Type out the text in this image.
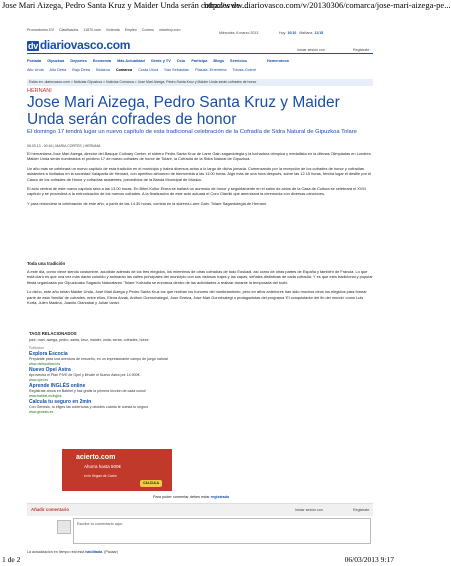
Jose Mari Aizega, Pedro Santa Kruz y Maider Unda serán cofrades de ...
http://www.diariovasco.com/v/20130306/comarca/jose-mari-aizega-pe...
Promociones DV Clasificados 11870.com Vivienda Empleo Coches miarrhoy.com
dv diariovasco.com
Miércoles, 6 marzo 2013	Hoy 10/16 Mañana 11/15
Iniciar sesión con	Registrate
Portada Gipuzkoa Deportes Economía Más Actualidad Gente y TV Ocio Participa Blogs Servicios	Hemeroteca
Alto Urola Alto Deba Bajo Deba Bidasoa Comarca Costa Urola San Sebastián Plasaia -Errenteria Tolosa-Goierri
Estás en: diariovasco.com > Noticias Gipuzkoa > Noticias Comarca > Jose Mari Aizega, Pedro Santa Kruz y Maider Unda serán cofrades de honor
HERNANI
Jose Mari Aizega, Pedro Santa Kruz y Maider Unda serán cofrades de honor
El domingo 17 tendrá lugar un nuevo capítulo de esta tradicional celebración de la Cofradía de Sidra Natural de Gipuzkoa Tolare
06.03.13 - 00:16 | MARIA CORTES | HERNANI.

El hernaniarra Jose Mari Aizega, director del Basque Culinary Center, el sidrero Pedro Santa Kruz de Larre Gain sagardotegia y la luchadora olímpica y medallista en la últimas Olimpiadas en Londres Maider Unda serán nombrados el próximo 17 de marzo cofrades de honor de Tolare, la Cofradía de la Sidra Natural de Gipuzkoa.

Un año más se celebrará un nuevo capítulo de esta tradición en el municipio y habrá diversos actos a lo largo de dicha jornada. Comenzando por la recepción de los cofrades de honor y cofradías asistentes a invitados en la sociedad Xalaparta de Hernani, con aperitivo almuerzo de bienvenida a las 11:00 horas. Algo más de una hora después, sobre las 12.15 horas, tendrá lugar el desfile por el Casco de los cofrades de Honor y cofradías asistentes, precedidos de la Banda Municipal de Música.

El acto central de este nuevo capítulo será a las 13.00 horas. En Biteri Kultur Etxea se bailará un aurresku de honor y seguidamente en el salón de actos de la Casa de Cultura se celebrará el XVIII capítulo y se procederá a la entronización de los nuevos cofrades. A la finalización de este acto actuará el Coro Oiarriki que amenizará la ceremonia con diversas canciones.

Y para redondear la celebración de este año, a partir de las 14.30 horas, comida en la sidrería Larre Gain. Tolare Sagardotegia de Hernani.

Toda una tradición

A este día, como viene siendo costumbre, acudirán además de los tres elegidos, los miembros de otras cofradías de todo Euskadi, así como de otras partes de España y también de Francia. Lo que está claro es que una vez más darán colorido y animarán las calles principales del municipio con sus vistosos trajes y las capas, señales distintivas de cada cofradía. Y es que esta tradicional y popular fiesta organizada por Gipuzkoako Sagardo Naturalaren 'Tolare' Kofradia se enmarca dentro de las actividades a realizar durante la temporada del txotx.

Lo dicho, este año serán Maider Unda, Jose Mari Aizega y Pedro Santa Kruz los que reciban los honores del nombramiento, pero en años anteriores han sido muchos otros los elegidos para formar parte de esta 'familia' de cofrades, entre ellos, Elena Arzak, Anthon Gorrochategui, Jose Ezeiza, Jose Mari Gorrotxategi o protagonistas del programa 'El conquistador del fin del mundo' como Luis Korta, Julen Madina, Juanito Oiarzabal y Julian Iantzi.

TAGS RELACIONADOS
jose, mari, aizega, pedro, santa, kruz, maider, unda, serán, cofrades, honor
Publicidad
Explora Escocia
Prepárate para una aventura de ensueño, en un impresionante campo de juego natural
www.visitscotland.es
Nuevo Opel Astra
Aprovecha el Plan PIVE de Opel y llévate el Nuevo Astra por 14.900€ .
www.opel.es
Aprende INGLÉS online
Regístrate ahora en Babbel y haz gratis la primera lección de cada curso!
www.babbel.es/ingles
Calcula tu seguro en 2min
Con Genesis, tu eliges las coberturas y decides cuánto te cuesta tu seguro
www.genesis.es
acierto.com
Ahorra hasta 500€
en tu Seguro de Coche
CALCULA
Para poder comentar debes estar registrado
Añadir comentario	Iniciar sesión con	Registrate
Escribe tu comentario aquí.
La actualización en tiempo real está habilitada. (Pausar)
1 de 2	06/03/2013 9:17
